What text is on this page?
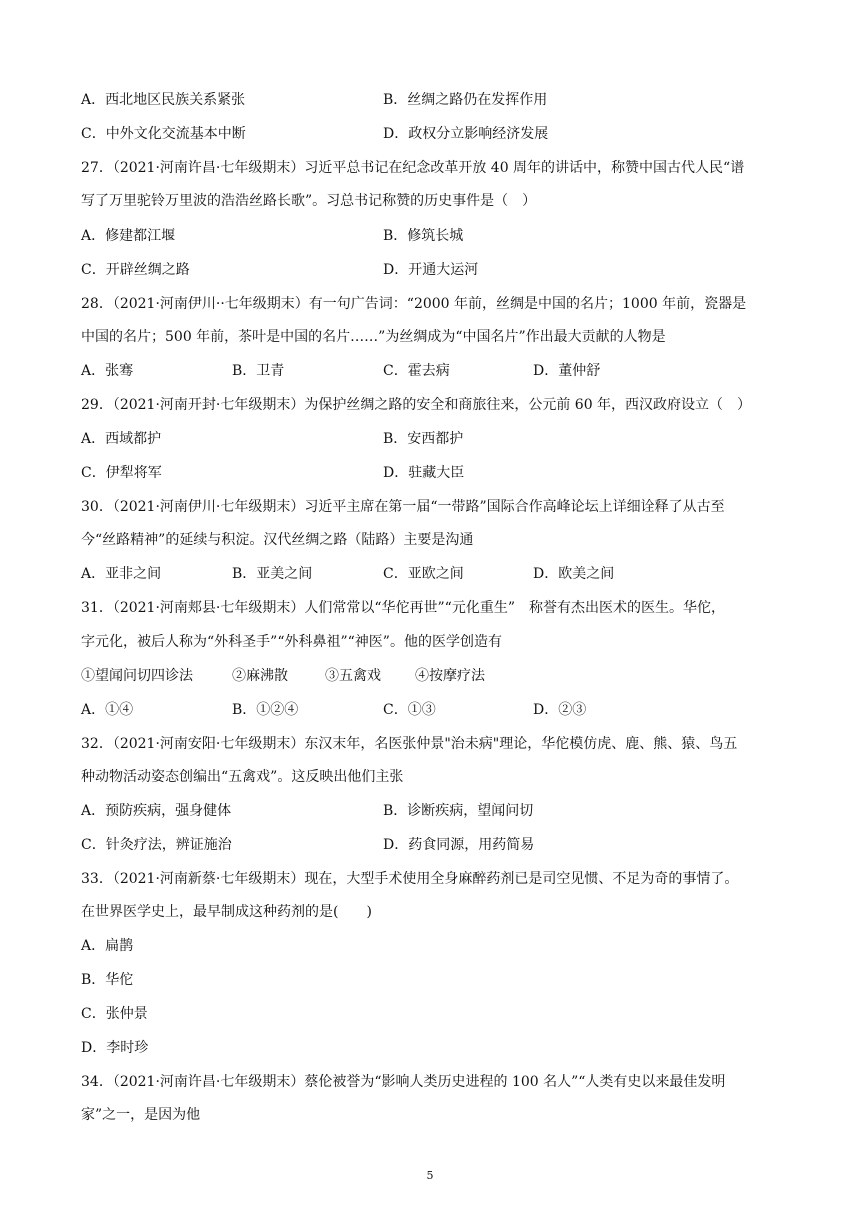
A．西北地区民族关系紧张	B．丝绸之路仍在发挥作用
C．中外文化交流基本中断	D．政权分立影响经济发展
27．（2021·河南许昌·七年级期末）习近平总书记在纪念改革开放 40 周年的讲话中，称赞中国古代人民“谱
写了万里驼铃万里波的浩浩丝路长歌”。习总书记称赞的历史事件是（　）
A．修建都江堰	B．修筑长城
C．开辟丝绸之路	D．开通大运河
28．（2021·河南伊川··七年级期末）有一句广告词：“2000 年前，丝绸是中国的名片；1000 年前，瓷器是
中国的名片；500 年前，茶叶是中国的名片……”为丝绸成为“中国名片”作出最大贡献的人物是
A．张骞	B．卫青	C．霍去病	D．董仲舒
29．（2021·河南开封·七年级期末）为保护丝绸之路的安全和商旅往来，公元前 60 年，西汉政府设立（　）
A．西域都护	B．安西都护
C．伊犁将军	D．驻藏大臣
30．（2021·河南伊川·七年级期末）习近平主席在第一届“一带路”国际合作高峰论坛上详细诠释了从古至
今“丝路精神”的延续与积淀。汉代丝绸之路（陆路）主要是沟通
A．亚非之间	B．亚美之间	C．亚欧之间	D．欧美之间
31．（2021·河南郏县·七年级期末）人们常常以“华佗再世”“元化重生”　称誉有杰出医术的医生。华佗，
字元化，被后人称为“外科圣手”“外科鼻祖”“神医”。他的医学创造有
①望闻问切四诊法	②麻沸散	③五禽戏 ④按摩疗法
A．①④	B．①②④	C．①③	D．②③
32．（2021·河南安阳·七年级期末）东汉末年，名医张仲景"治未病"理论，华佗模仿虎、鹿、熊、猿、鸟五
种动物活动姿态创编出“五禽戏”。这反映出他们主张
A．预防疾病，强身健体	B．诊断疾病，望闻问切
C．针灸疗法，辨证施治	D．药食同源，用药简易
33．（2021·河南新蔡·七年级期末）现在，大型手术使用全身麻醉药剂已是司空见惯、不足为奇的事情了。
在世界医学史上，最早制成这种药剂的是(　　)
A．扁鹊
B．华佗
C．张仲景
D．李时珍
34．（2021·河南许昌·七年级期末）蔡伦被誉为“影响人类历史进程的 100 名人”“人类有史以来最佳发明
家”之一，是因为他
5
